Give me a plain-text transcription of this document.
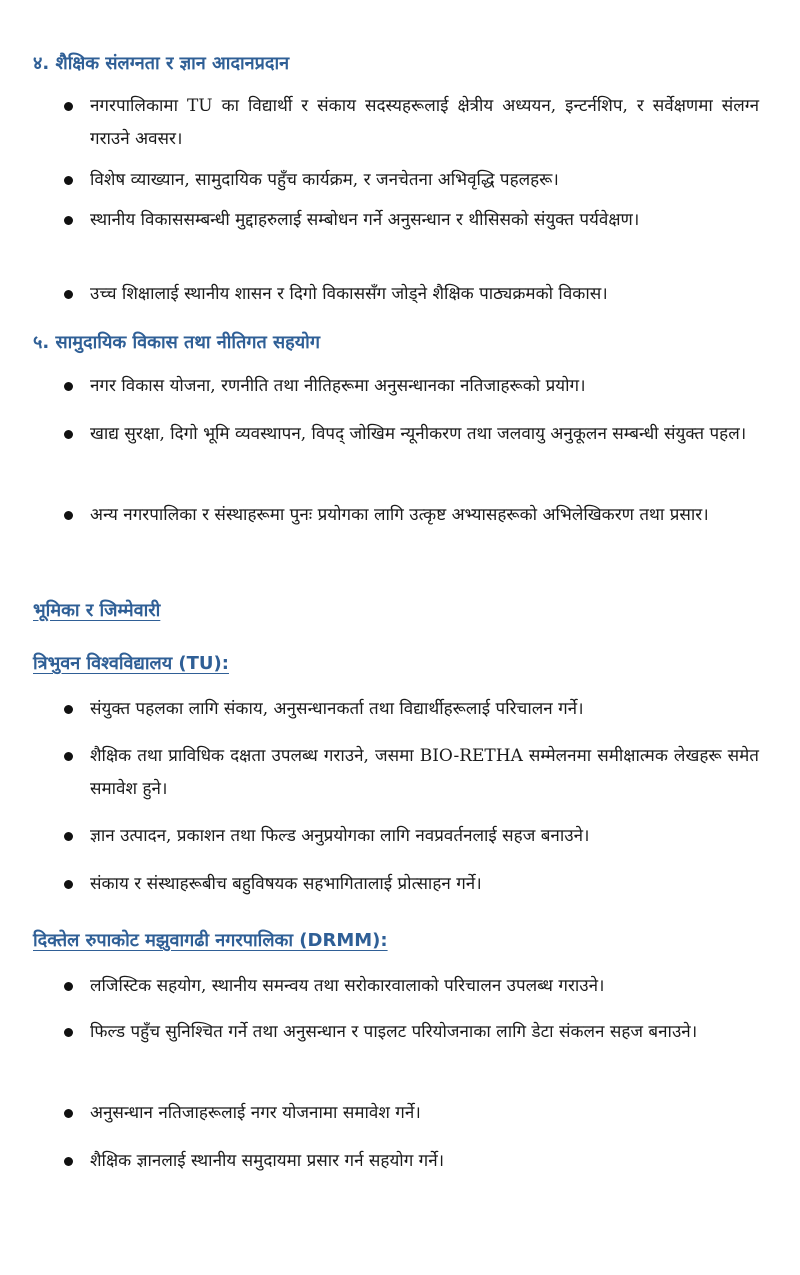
४. शैक्षिक संलग्नता र ज्ञान आदानप्रदान
नगरपालिकामा TU का विद्यार्थी र संकाय सदस्यहरूलाई क्षेत्रीय अध्ययन, इन्टर्नशिप, र सर्वेक्षणमा संलग्न गराउने अवसर।
विशेष व्याख्यान, सामुदायिक पहुँच कार्यक्रम, र जनचेतना अभिवृद्धि पहलहरू।
स्थानीय विकाससम्बन्धी मुद्दाहरुलाई सम्बोधन गर्ने अनुसन्धान र थीसिसको संयुक्त पर्यवेक्षण।
उच्च शिक्षालाई स्थानीय शासन र दिगो विकाससँग जोड्ने शैक्षिक पाठ्यक्रमको विकास।
५. सामुदायिक विकास तथा नीतिगत सहयोग
नगर विकास योजना, रणनीति तथा नीतिहरूमा अनुसन्धानका नतिजाहरूको प्रयोग।
खाद्य सुरक्षा, दिगो भूमि व्यवस्थापन, विपद् जोखिम न्यूनीकरण तथा जलवायु अनुकूलन सम्बन्धी संयुक्त पहल।
अन्य नगरपालिका र संस्थाहरूमा पुनः प्रयोगका लागि उत्कृष्ट अभ्यासहरूको अभिलेखिकरण तथा प्रसार।
भूमिका र जिम्मेवारी
त्रिभुवन विश्वविद्यालय (TU):
संयुक्त पहलका लागि संकाय, अनुसन्धानकर्ता तथा विद्यार्थीहरूलाई परिचालन गर्ने।
शैक्षिक तथा प्राविधिक दक्षता उपलब्ध गराउने, जसमा BIO-RETHA सम्मेलनमा समीक्षात्मक लेखहरू समेत समावेश हुने।
ज्ञान उत्पादन, प्रकाशन तथा फिल्ड अनुप्रयोगका लागि नवप्रवर्तनलाई सहज बनाउने।
संकाय र संस्थाहरूबीच बहुविषयक सहभागितालाई प्रोत्साहन गर्ने।
दिक्तेल रुपाकोट मझुवागढी नगरपालिका (DRMM):
लजिस्टिक सहयोग, स्थानीय समन्वय तथा सरोकारवालाको परिचालन उपलब्ध गराउने।
फिल्ड पहुँच सुनिश्चित गर्ने तथा अनुसन्धान र पाइलट परियोजनाका लागि डेटा संकलन सहज बनाउने।
अनुसन्धान नतिजाहरूलाई नगर योजनामा समावेश गर्ने।
शैक्षिक ज्ञानलाई स्थानीय समुदायमा प्रसार गर्न सहयोग गर्ने।
